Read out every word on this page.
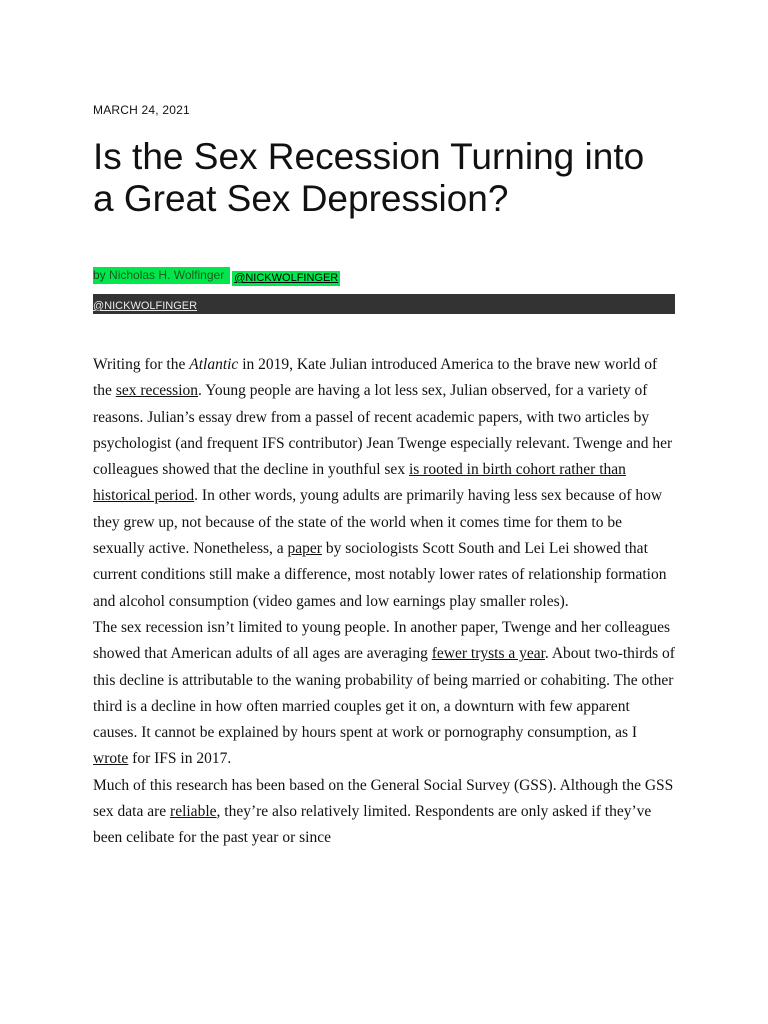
MARCH 24, 2021
Is the Sex Recession Turning into a Great Sex Depression?
by Nicholas H. Wolfinger @NICKWOLFINGER
@NICKWOLFINGER

Writing for the Atlantic in 2019, Kate Julian introduced America to the brave new world of the sex recession. Young people are having a lot less sex, Julian observed, for a variety of reasons. Julian’s essay drew from a passel of recent academic papers, with two articles by psychologist (and frequent IFS contributor) Jean Twenge especially relevant. Twenge and her colleagues showed that the decline in youthful sex is rooted in birth cohort rather than historical period. In other words, young adults are primarily having less sex because of how they grew up, not because of the state of the world when it comes time for them to be sexually active. Nonetheless, a paper by sociologists Scott South and Lei Lei showed that current conditions still make a difference, most notably lower rates of relationship formation and alcohol consumption (video games and low earnings play smaller roles).

The sex recession isn’t limited to young people. In another paper, Twenge and her colleagues showed that American adults of all ages are averaging fewer trysts a year. About two-thirds of this decline is attributable to the waning probability of being married or cohabiting. The other third is a decline in how often married couples get it on, a downturn with few apparent causes. It cannot be explained by hours spent at work or pornography consumption, as I wrote for IFS in 2017.

Much of this research has been based on the General Social Survey (GSS). Although the GSS sex data are reliable, they’re also relatively limited. Respondents are only asked if they’ve been celibate for the past year or since
